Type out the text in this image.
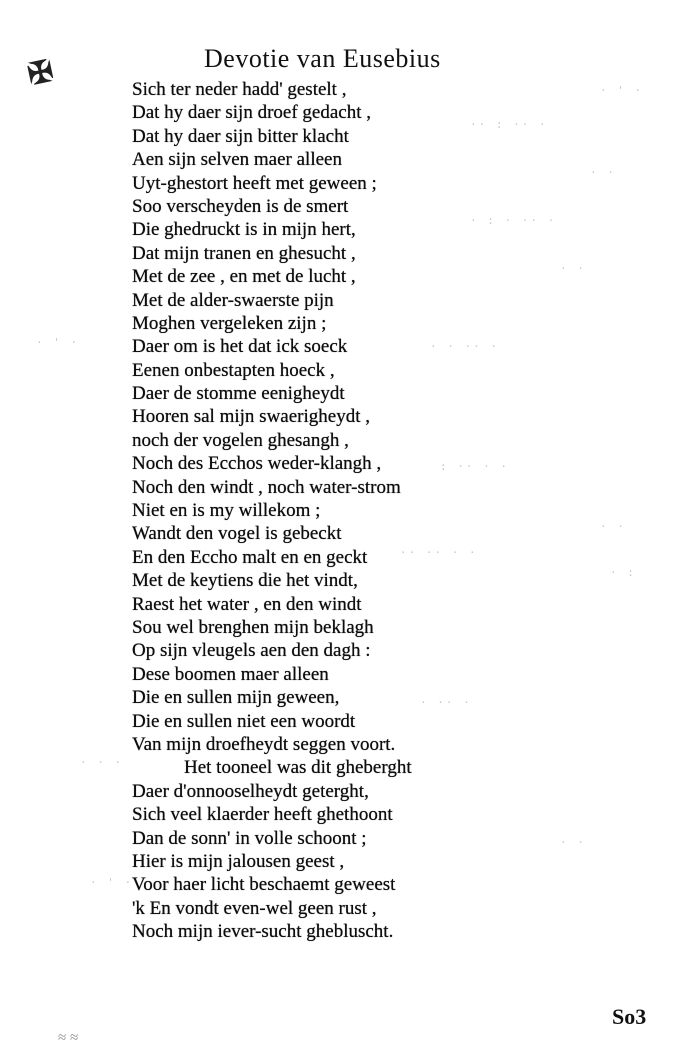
✠	Devotie van Eusebius
Sich ter neder hadd' gestelt ,
Dat hy daer sijn droef gedacht ,
Dat hy daer sijn bitter klacht
Aen sijn selven maer alleen
Uyt-ghestort heeft met geween ;
Soo verscheyden is de smert
Die ghedruckt is in mijn hert,
Dat mijn tranen en ghesucht ,
Met de zee , en met de lucht ,
Met de alder-swaerste pijn
Moghen vergeleken zijn ;
Daer om is het dat ick soeck
Eenen onbestapten hoeck ,
Daer de stomme eenigheydt
Hooren sal mijn swaerigheydt ,
noch der vogelen ghesangh ,
Noch des Ecchos weder-klangh ,
Noch den windt , noch water-strom
Niet en is my willekom ;
Wandt den vogel is gebeckt
En den Eccho malt en en geckt
Met de keytiens die het vindt,
Raest het water , en den windt
Sou wel brenghen mijn beklagh
Op sijn vleugels aen den dagh :
Dese boomen maer alleen
Die en sullen mijn geween,
Die en sullen niet een woordt
Van mijn droefheydt seggen voort.
Het tooneel was dit gheberght
Daer d'onnooselheydt geterght,
Sich veel klaerder heeft ghethoont
Dan de sonn' in volle schoont ;
Hier is mijn jalousen geest ,
Voor haer licht beschaemt geweest
'k En vondt even-wel geen rust ,
Noch mijn iever-sucht ghebluscht.
· ' ·
·· : ·· ·
· ·
· : · ·· ·
· ·
· ' ·	· · ·· ·
: ·· · ·
· ·
·· ·· · ·
· :
· ·· ·
· · ·
· ·
· ' ·
≈ ≈
So3
